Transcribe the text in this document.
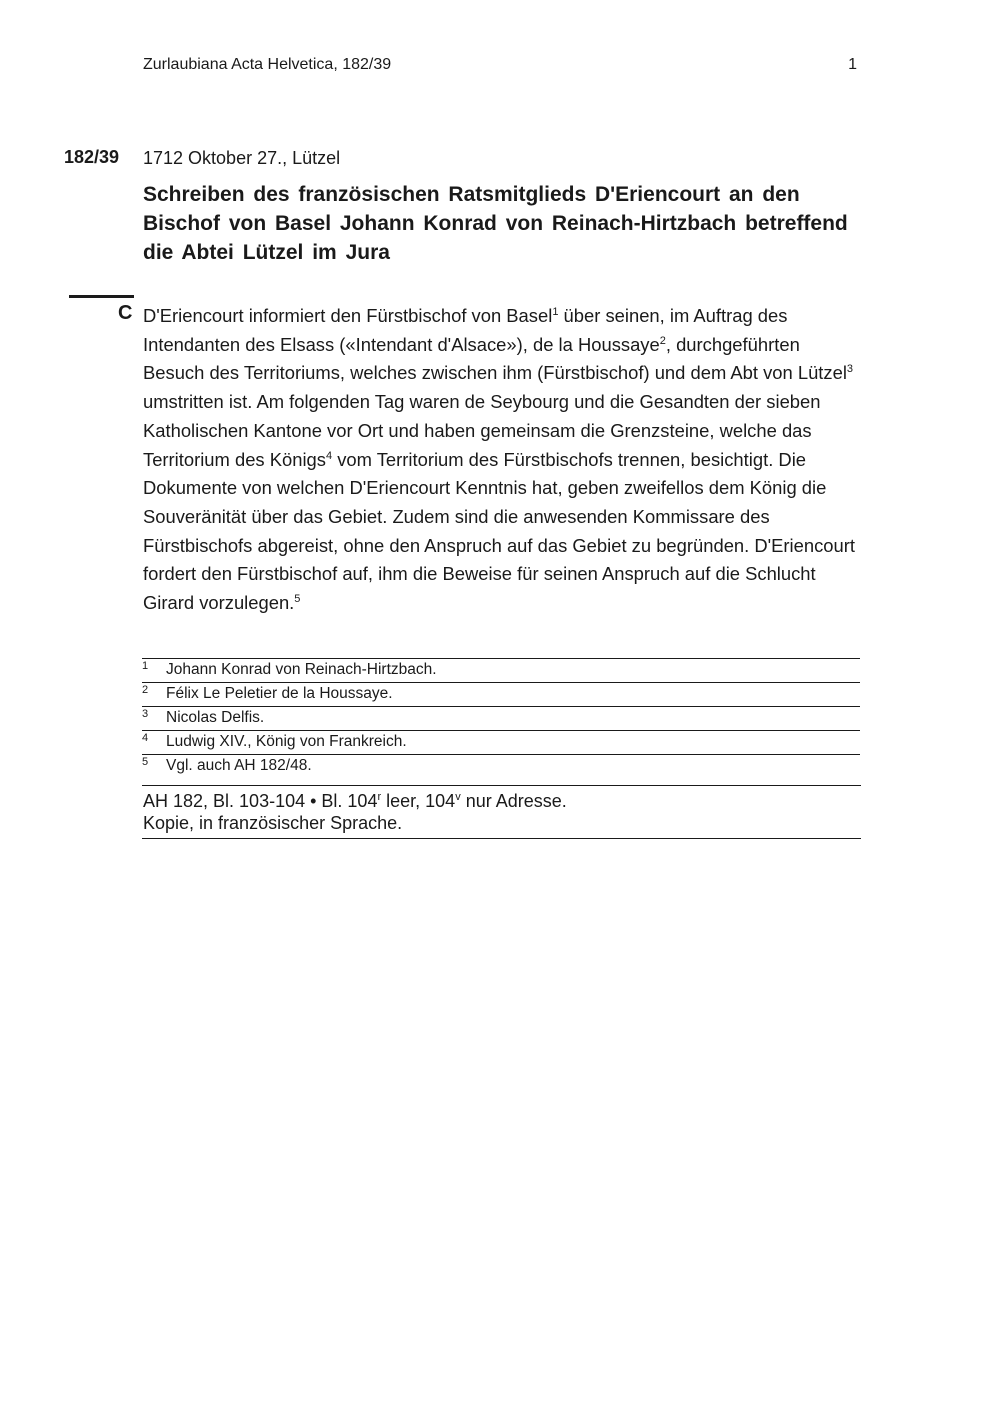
Zurlaubiana Acta Helvetica, 182/39	1
182/39 1712 Oktober 27., Lützel
Schreiben des französischen Ratsmitglieds D'Eriencourt an den Bischof von Basel Johann Konrad von Reinach-Hirtzbach betreffend die Abtei Lützel im Jura
C D'Eriencourt informiert den Fürstbischof von Basel$^1$ über seinen, im Auftrag des Intendanten des Elsass («Intendant d'Alsace»), de la Houssaye$^2$, durchgeführten Besuch des Territoriums, welches zwischen ihm (Fürstbischof) und dem Abt von Lützel$^3$ umstritten ist. Am folgenden Tag waren de Seybourg und die Gesandten der sieben Katholischen Kantone vor Ort und haben gemeinsam die Grenzsteine, welche das Territorium des Königs$^4$ vom Territorium des Fürstbischofs trennen, besichtigt. Die Dokumente von welchen D'Eriencourt Kenntnis hat, geben zweifellos dem König die Souveränität über das Gebiet. Zudem sind die anwesenden Kommissare des Fürstbischofs abgereist, ohne den Anspruch auf das Gebiet zu begründen. D'Eriencourt fordert den Fürstbischof auf, ihm die Beweise für seinen Anspruch auf die Schlucht Girard vorzulegen.$^5$

1 Johann Konrad von Reinach-Hirtzbach.
2 Félix Le Peletier de la Houssaye.
3 Nicolas Delfis.
4 Ludwig XIV., König von Frankreich.
5 Vgl. auch AH 182/48.
AH 182, Bl. 103-104 • Bl. 104$^r$ leer, 104$^v$ nur Adresse.
Kopie, in französischer Sprache.
